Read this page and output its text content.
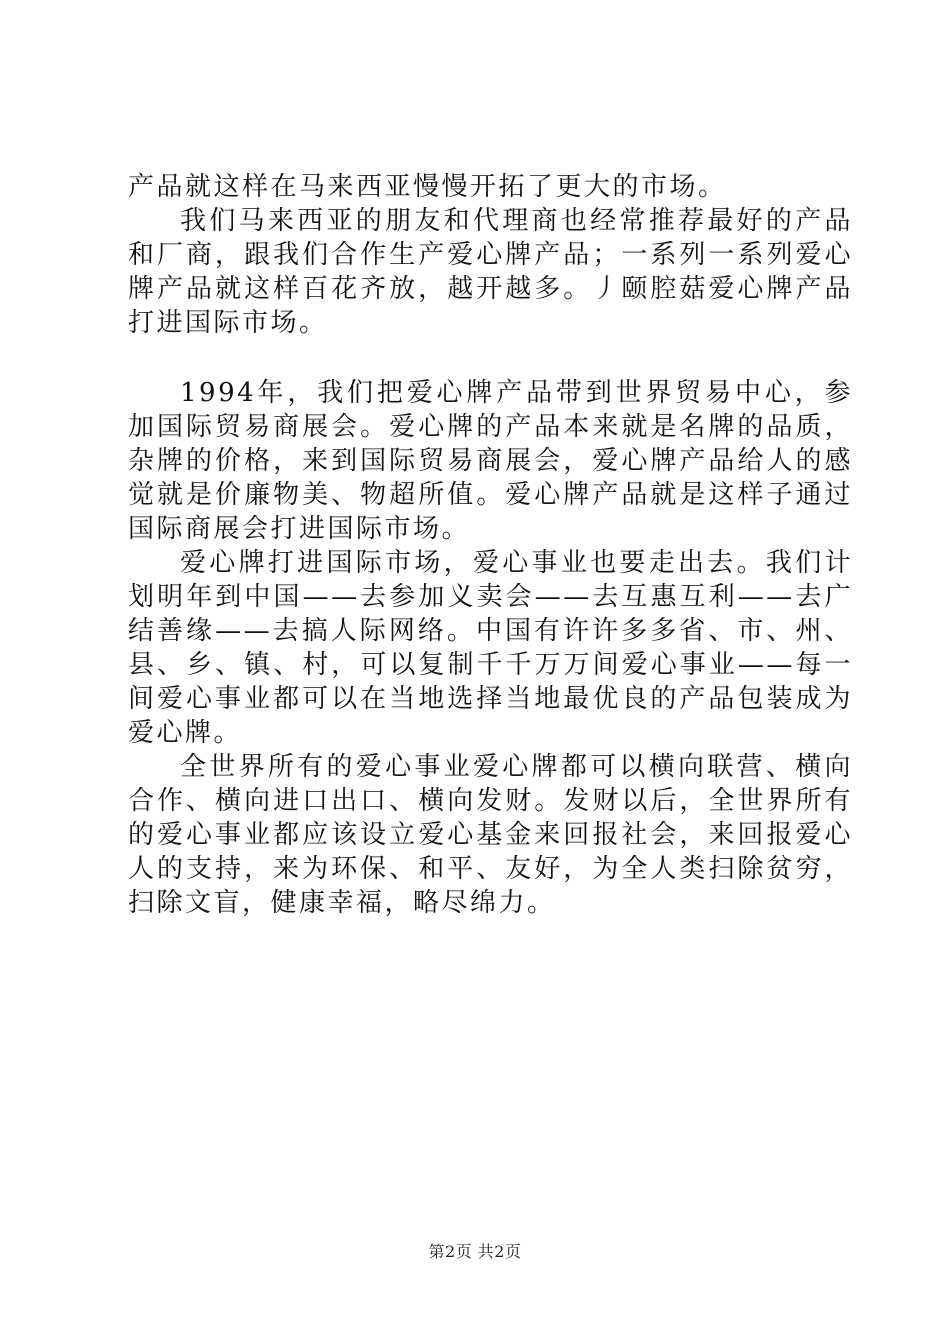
产品就这样在马来西亚慢慢开拓了更大的市场。

我们马来西亚的朋友和代理商也经常推荐最好的产品和厂商，跟我们合作生产爱心牌产品；一系列一系列爱心牌产品就这样百花齐放，越开越多。丿颐腔菇爱心牌产品打进国际市场。

1994年，我们把爱心牌产品带到世界贸易中心，参加国际贸易商展会。爱心牌的产品本来就是名牌的品质，杂牌的价格，来到国际贸易商展会，爱心牌产品给人的感觉就是价廉物美、物超所值。爱心牌产品就是这样子通过国际商展会打进国际市场。

爱心牌打进国际市场，爱心事业也要走出去。我们计划明年到中国——去参加义卖会——去互惠互利——去广结善缘——去搞人际网络。中国有许许多多省、市、州、县、乡、镇、村，可以复制千千万万间爱心事业——每一间爱心事业都可以在当地选择当地最优良的产品包装成为爱心牌。

全世界所有的爱心事业爱心牌都可以横向联营、横向合作、横向进口出口、横向发财。发财以后，全世界所有的爱心事业都应该设立爱心基金来回报社会，来回报爱心人的支持，来为环保、和平、友好，为全人类扫除贫穷，扫除文盲，健康幸福，略尽绵力。

第2页 共2页
